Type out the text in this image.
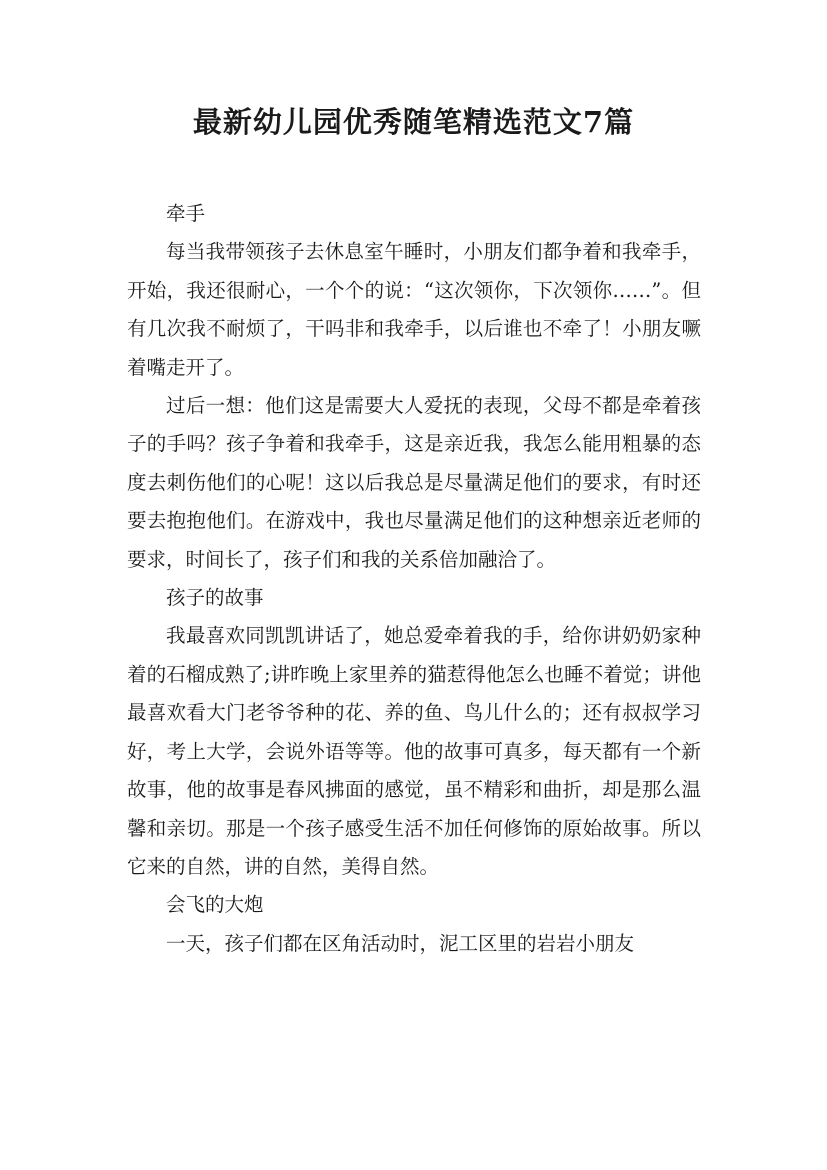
最新幼儿园优秀随笔精选范文7篇

牵手

每当我带领孩子去休息室午睡时，小朋友们都争着和我牵手，开始，我还很耐心，一个个的说：“这次领你，下次领你……”。但有几次我不耐烦了，干吗非和我牵手，以后谁也不牵了！小朋友噘着嘴走开了。

过后一想：他们这是需要大人爱抚的表现，父母不都是牵着孩子的手吗？孩子争着和我牵手，这是亲近我，我怎么能用粗暴的态度去刺伤他们的心呢！这以后我总是尽量满足他们的要求，有时还要去抱抱他们。在游戏中，我也尽量满足他们的这种想亲近老师的要求，时间长了，孩子们和我的关系倍加融洽了。

孩子的故事

我最喜欢同凯凯讲话了，她总爱牵着我的手，给你讲奶奶家种着的石榴成熟了;讲昨晚上家里养的猫惹得他怎么也睡不着觉；讲他最喜欢看大门老爷爷种的花、养的鱼、鸟儿什么的；还有叔叔学习好，考上大学，会说外语等等。他的故事可真多，每天都有一个新故事，他的故事是春风拂面的感觉，虽不精彩和曲折，却是那么温馨和亲切。那是一个孩子感受生活不加任何修饰的原始故事。所以它来的自然，讲的自然，美得自然。

会飞的大炮

一天，孩子们都在区角活动时，泥工区里的岩岩小朋友
